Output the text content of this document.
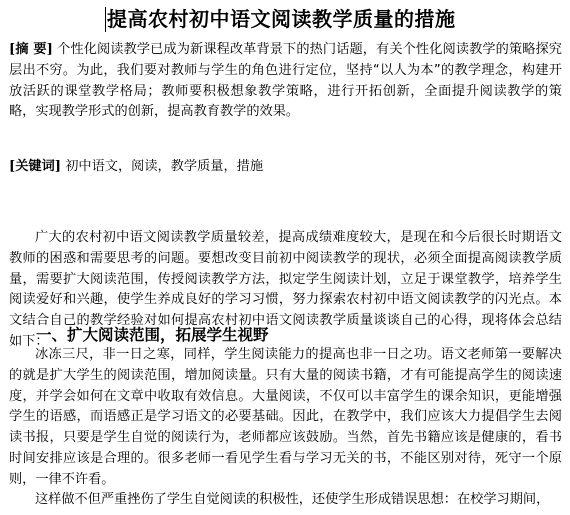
提高农村初中语文阅读教学质量的措施

[摘 要] 个性化阅读教学已成为新课程改革背景下的热门话题，有关个性化阅读教学的策略探究层出不穷。为此，我们要对教师与学生的角色进行定位，坚持“以人为本”的教学理念，构建开放活跃的课堂教学格局；教师要积极想象教学策略，进行开拓创新，全面提升阅读教学的策略，实现教学形式的创新，提高教育教学的效果。

[关键词] 初中语文，阅读，教学质量，措施

广大的农村初中语文阅读教学质量较差，提高成绩难度较大，是现在和今后很长时期语文教师的困惑和需要思考的问题。要想改变目前初中阅读教学的现状，必须全面提高阅读教学质量，需要扩大阅读范围，传授阅读教学方法，拟定学生阅读计划，立足于课堂教学，培养学生阅读爱好和兴趣，使学生养成良好的学习习惯，努力探索农村初中语文阅读教学的闪光点。本文结合自己的教学经验对如何提高农村初中语文阅读教学质量谈谈自己的心得，现将体会总结如下：

一、扩大阅读范围，拓展学生视野

冰冻三尺，非一日之寒，同样，学生阅读能力的提高也非一日之功。语文老师第一要解决的就是扩大学生的阅读范围，增加阅读量。只有大量的阅读书籍，才有可能提高学生的阅读速度，并学会如何在文章中收取有效信息。大量阅读，不仅可以丰富学生的课余知识，更能增强学生的语感，而语感正是学习语文的必要基础。因此，在教学中，我们应该大力提倡学生去阅读书报，只要是学生自觉的阅读行为，老师都应该鼓励。当然，首先书籍应该是健康的，看书时间安排应该是合理的。很多老师一看见学生看与学习无关的书，不能区别对待，死守一个原则，一律不许看。

这样做不但严重挫伤了学生自觉阅读的积极性，还使学生形成错误思想：在校学习期间，
